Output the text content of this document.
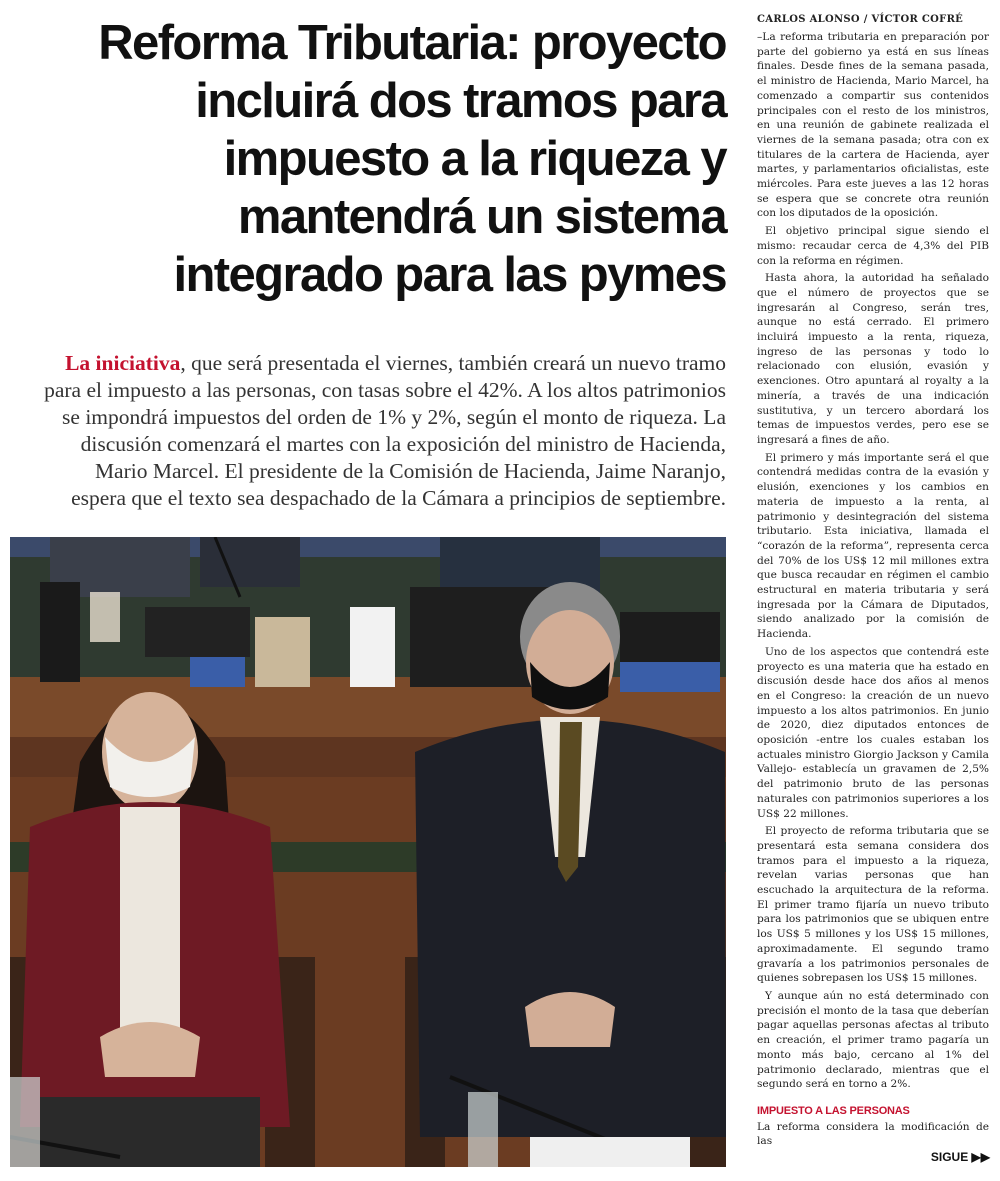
Reforma Tributaria: proyecto
incluirá dos tramos para
impuesto a la riqueza y
mantendrá un sistema
integrado para las pymes

La iniciativa, que será presentada el viernes, también creará un nuevo tramo para el impuesto a las personas, con tasas sobre el 42%. A los altos patrimonios se impondrá impuestos del orden de 1% y 2%, según el monto de riqueza. La discusión comenzará el martes con la exposición del ministro de Hacienda, Mario Marcel. El presidente de la Comisión de Hacienda, Jaime Naranjo, espera que el texto sea despachado de la Cámara a principios de septiembre.

CARLOS ALONSO / VÍCTOR COFRÉ

–La reforma tributaria en preparación por parte del gobierno ya está en sus líneas finales. Desde fines de la semana pasada, el ministro de Hacienda, Mario Marcel, ha comenzado a compartir sus contenidos principales con el resto de los ministros, en una reunión de gabinete realizada el viernes de la semana pasada; otra con ex titulares de la cartera de Hacienda, ayer martes, y parlamentarios oficialistas, este miércoles. Para este jueves a las 12 horas se espera que se concrete otra reunión con los diputados de la oposición.

El objetivo principal sigue siendo el mismo: recaudar cerca de 4,3% del PIB con la reforma en régimen.

Hasta ahora, la autoridad ha señalado que el número de proyectos que se ingresarán al Congreso, serán tres, aunque no está cerrado. El primero incluirá impuesto a la renta, riqueza, ingreso de las personas y todo lo relacionado con elusión, evasión y exenciones. Otro apuntará al royalty a la minería, a través de una indicación sustitutiva, y un tercero abordará los temas de impuestos verdes, pero ese se ingresará a fines de año.

El primero y más importante será el que contendrá medidas contra de la evasión y elusión, exenciones y los cambios en materia de impuesto a la renta, al patrimonio y desintegración del sistema tributario. Esta iniciativa, llamada el “corazón de la reforma”, representa cerca del 70% de los US$ 12 mil millones extra que busca recaudar en régimen el cambio estructural en materia tributaria y será ingresada por la Cámara de Diputados, siendo analizado por la comisión de Hacienda.

Uno de los aspectos que contendrá este proyecto es una materia que ha estado en discusión desde hace dos años al menos en el Congreso: la creación de un nuevo impuesto a los altos patrimonios. En junio de 2020, diez diputados entonces de oposición -entre los cuales estaban los actuales ministro Giorgio Jackson y Camila Vallejo- establecía un gravamen de 2,5% del patrimonio bruto de las personas naturales con patrimonios superiores a los US$ 22 millones.

El proyecto de reforma tributaria que se presentará esta semana considera dos tramos para el impuesto a la riqueza, revelan varias personas que han escuchado la arquitectura de la reforma. El primer tramo fijaría un nuevo tributo para los patrimonios que se ubiquen entre los US$ 5 millones y los US$ 15 millones, aproximadamente. El segundo tramo gravaría a los patrimonios personales de quienes sobrepasen los US$ 15 millones.

Y aunque aún no está determinado con precisión el monto de la tasa que deberían pagar aquellas personas afectas al tributo en creación, el primer tramo pagaría un monto más bajo, cercano al 1% del patrimonio declarado, mientras que el segundo será en torno a 2%.

IMPUESTO A LAS PERSONAS

La reforma considera la modificación de las

SIGUE ▶▶
